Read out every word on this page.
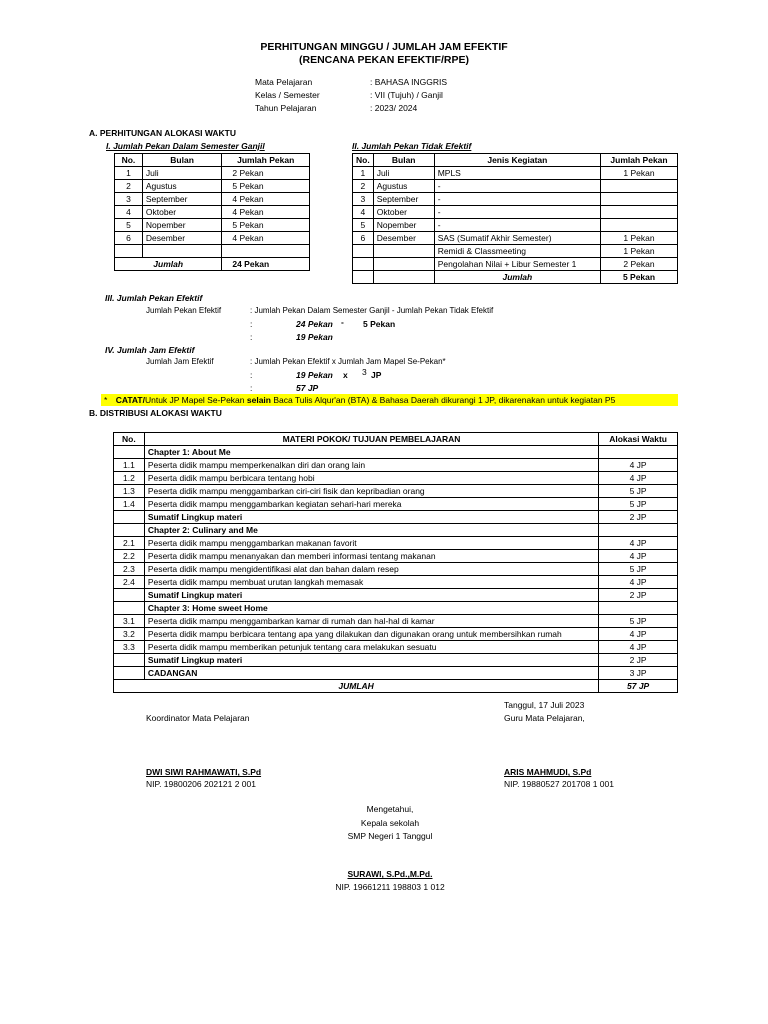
PERHITUNGAN MINGGU / JUMLAH JAM EFEKTIF
(RENCANA PEKAN EFEKTIF/RPE)
Mata Pelajaran	: BAHASA INGGRIS
Kelas / Semester	: VII (Tujuh) / Ganjil
Tahun Pelajaran	: 2023/ 2024
A. PERHITUNGAN ALOKASI WAKTU
I. Jumlah Pekan Dalam Semester Ganjil	II. Jumlah Pekan Tidak Efektif
No.	Bulan	Jumlah Pekan
1	Juli	2 Pekan
2	Agustus	5 Pekan
3	September	4 Pekan
4	Oktober	4 Pekan
5	Nopember	5 Pekan
6	Desember	4 Pekan

Jumlah		24 Pekan
No.	Bulan	Jenis Kegiatan	Jumlah Pekan
1	Juli	MPLS	1 Pekan
2	Agustus	-	
3	September	-	
4	Oktober	-	
5	Nopember	-	
6	Desember	SAS (Sumatif Akhir Semester)	1 Pekan
		Remidi & Classmeeting	1 Pekan
		Pengolahan Nilai + Libur Semester 1	2 Pekan
		Jumlah	5 Pekan
III. Jumlah Pekan Efektif
Jumlah Pekan Efektif	: Jumlah Pekan Dalam Semester Ganjil - Jumlah Pekan Tidak Efektif
:	24 Pekan - 5 Pekan
:	19 Pekan
IV. Jumlah Jam Efektif
Jumlah Jam Efektif	: Jumlah Pekan Efektif x Jumlah Jam Mapel Se-Pekan*
:	19 Pekan x 3 JP
:	57 JP
* CATAT/Untuk JP Mapel Se-Pekan selain Baca Tulis Alqur'an (BTA) & Bahasa Daerah dikurangi 1 JP, dikarenakan untuk kegiatan P5
B. DISTRIBUSI ALOKASI WAKTU
No.	MATERI POKOK/ TUJUAN PEMBELAJARAN	Alokasi Waktu
	Chapter 1: About Me	
1.1	Peserta didik mampu memperkenalkan diri dan orang lain	4 JP
1.2	Peserta didik mampu berbicara tentang hobi	4 JP
1.3	Peserta didik mampu menggambarkan ciri-ciri fisik dan kepribadian orang	5 JP
1.4	Peserta didik mampu menggambarkan kegiatan sehari-hari mereka	5 JP
	Sumatif Lingkup materi	2 JP
	Chapter 2: Culinary and Me	
2.1	Peserta didik mampu menggambarkan makanan favorit	4 JP
2.2	Peserta didik mampu menanyakan dan memberi informasi tentang makanan	4 JP
2.3	Peserta didik mampu mengidentifikasi alat dan bahan dalam resep	5 JP
2.4	Peserta didik mampu membuat urutan langkah memasak	4 JP
	Sumatif Lingkup materi	2 JP
	Chapter 3: Home sweet Home	
3.1	Peserta didik mampu menggambarkan kamar di rumah dan hal-hal di kamar	5 JP
3.2	Peserta didik mampu berbicara tentang apa yang dilakukan dan digunakan orang untuk membersihkan rumah	4 JP
3.3	Peserta didik mampu memberikan petunjuk tentang cara melakukan sesuatu	4 JP
	Sumatif Lingkup materi	2 JP
	CADANGAN	3 JP
JUMLAH		57 JP
Tanggul, 17 Juli 2023
Koordinator Mata Pelajaran	Guru Mata Pelajaran,
DWI SIWI RAHMAWATI, S.Pd
NIP. 19800206 202121 2 001
ARIS MAHMUDI, S.Pd
NIP. 19880527 201708 1 001
Mengetahui,
Kepala sekolah
SMP Negeri 1 Tanggul
SURAWI, S.Pd.,M.Pd.
NIP. 19661211 198803 1 012
